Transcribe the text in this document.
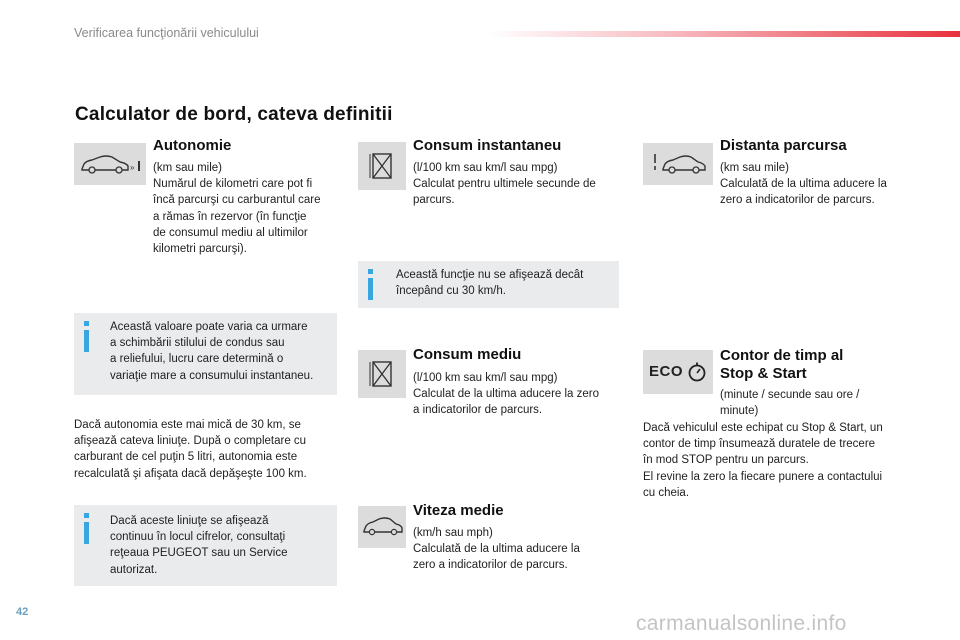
Verificarea funcţionării vehiculului
Calculator de bord, cateva definitii
»
Autonomie
(km sau mile)
Numărul de kilometri care pot fi
încă parcurşi cu carburantul care
a rămas în rezervor (în funcţie
de consumul mediu al ultimilor
kilometri parcurşi).
Această valoare poate varia ca urmare
a schimbării stilului de condus sau
a reliefului, lucru care determină o
variaţie mare a consumului instantaneu.
Dacă autonomia este mai mică de 30 km, se
afişează cateva liniuţe. După o completare cu
carburant de cel puţin 5 litri, autonomia este
recalculată şi afişata dacă depăşeşte 100 km.
Dacă aceste liniuţe se afişează
continuu în locul cifrelor, consultaţi
reţeaua PEUGEOT sau un Service
autorizat.
Consum instantaneu
(l/100 km sau km/l sau mpg)
Calculat pentru ultimele secunde de
parcurs.
Această funcţie nu se afişează decât
începând cu 30 km/h.
Consum mediu
(l/100 km sau km/l sau mpg)
Calculat de la ultima aducere la zero
a indicatorilor de parcurs.
Viteza medie
(km/h sau mph)
Calculată de la ultima aducere la
zero a indicatorilor de parcurs.
Distanta parcursa
(km sau mile)
Calculată de la ultima aducere la
zero a indicatorilor de parcurs.
ECO
Contor de timp al
Stop & Start
(minute / secunde sau ore /
minute)
Dacă vehiculul este echipat cu Stop & Start, un
contor de timp însumează duratele de trecere
în mod STOP pentru un parcurs.
El revine la zero la fiecare punere a contactului
cu cheia.
42	carmanualsonline.info
